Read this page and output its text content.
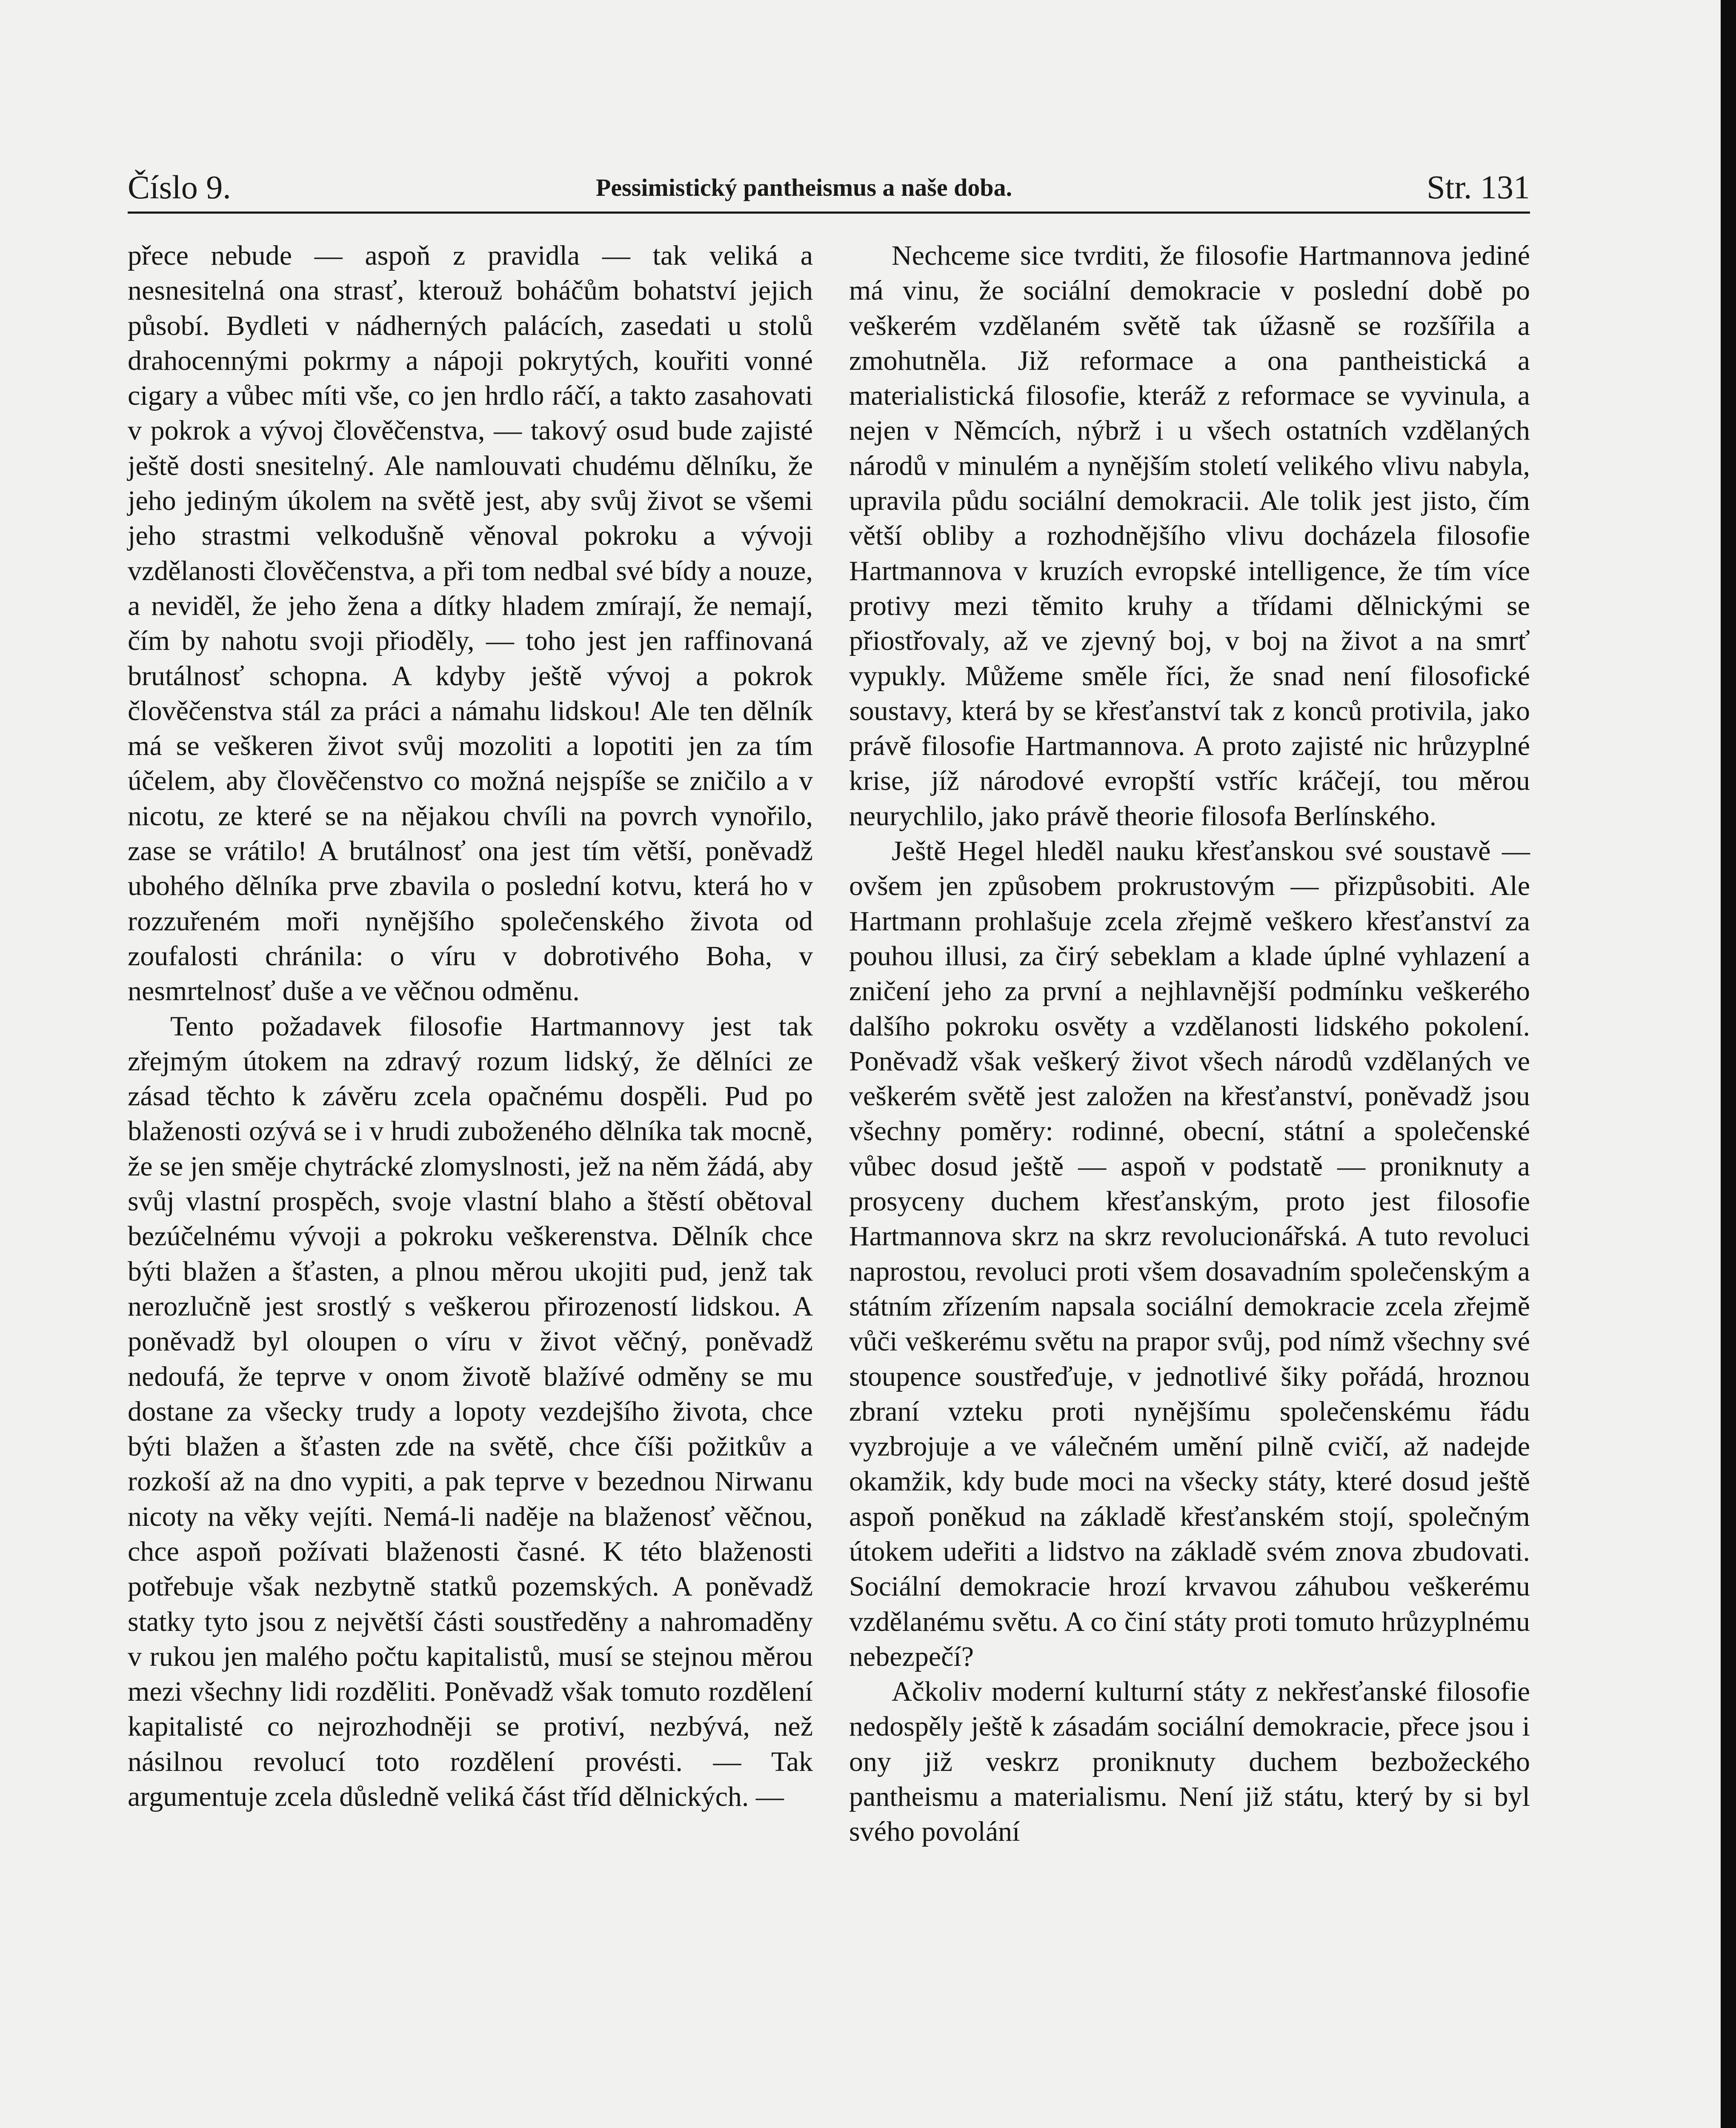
Číslo 9.	Pessimistický pantheismus a naše doba.	Str. 131

přece nebude — aspoň z pravidla — tak veliká a nesnesitelná ona strasť, kterouž boháčům bohatství jejich působí. Bydleti v nádherných palácích, zasedati u stolů drahocennými pokrmy a nápoji pokrytých, kouřiti vonné cigary a vůbec míti vše, co jen hrdlo ráčí, a takto zasahovati v pokrok a vývoj člověčenstva, — takový osud bude zajisté ještě dosti snesitelný. Ale namlouvati chudému dělníku, že jeho jediným úkolem na světě jest, aby svůj život se všemi jeho strastmi velkodušně věnoval pokroku a vývoji vzdělanosti člověčenstva, a při tom nedbal své bídy a nouze, a neviděl, že jeho žena a dítky hladem zmírají, že nemají, čím by nahotu svoji přioděly, — toho jest jen raffinovaná brutálnosť schopna. A kdyby ještě vývoj a pokrok člověčenstva stál za práci a námahu lidskou! Ale ten dělník má se veškeren život svůj mozoliti a lopotiti jen za tím účelem, aby člověčenstvo co možná nejspíše se zničilo a v nicotu, ze které se na nějakou chvíli na povrch vynořilo, zase se vrátilo! A brutálnosť ona jest tím větší, poněvadž ubohého dělníka prve zbavila o poslední kotvu, která ho v rozzuřeném moři nynějšího společenského života od zoufalosti chránila: o víru v dobrotivého Boha, v nesmrtelnosť duše a ve věčnou odměnu.

Tento požadavek filosofie Hartmannovy jest tak zřejmým útokem na zdravý rozum lidský, že dělníci ze zásad těchto k závěru zcela opačnému dospěli. Pud po blaženosti ozývá se i v hrudi zuboženého dělníka tak mocně, že se jen směje chytrácké zlomyslnosti, jež na něm žádá, aby svůj vlastní prospěch, svoje vlastní blaho a štěstí obětoval bezúčelnému vývoji a pokroku veškerenstva. Dělník chce býti blažen a šťasten, a plnou měrou ukojiti pud, jenž tak nerozlučně jest srostlý s veškerou přirozeností lidskou. A poněvadž byl oloupen o víru v život věčný, poněvadž nedoufá, že teprve v onom životě blažívé odměny se mu dostane za všecky trudy a lopoty vezdejšího života, chce býti blažen a šťasten zde na světě, chce číši požitkův a rozkoší až na dno vypiti, a pak teprve v bezednou Nirwanu nicoty na věky vejíti. Nemá-li naděje na blaženosť věčnou, chce aspoň požívati blaženosti časné. K této blaženosti potřebuje však nezbytně statků pozemských. A poněvadž statky tyto jsou z největší části soustředěny a nahromaděny v rukou jen malého počtu kapitalistů, musí se stejnou měrou mezi všechny lidi rozděliti. Poněvadž však tomuto rozdělení kapitalisté co nejrozhodněji se protiví, nezbývá, než násilnou revolucí toto rozdělení provésti. — Tak argumentuje zcela důsledně veliká část tříd dělnických. —

Nechceme sice tvrditi, že filosofie Hartmannova jediné má vinu, že sociální demokracie v poslední době po veškerém vzdělaném světě tak úžasně se rozšířila a zmohutněla. Již reformace a ona pantheistická a materialistická filosofie, kteráž z reformace se vyvinula, a nejen v Němcích, nýbrž i u všech ostatních vzdělaných národů v minulém a nynějším století velikého vlivu nabyla, upravila půdu sociální demokracii. Ale tolik jest jisto, čím větší obliby a rozhodnějšího vlivu docházela filosofie Hartmannova v kruzích evropské intelligence, že tím více protivy mezi těmito kruhy a třídami dělnickými se přiostřovaly, až ve zjevný boj, v boj na život a na smrť vypukly. Můžeme směle říci, že snad není filosofické soustavy, která by se křesťanství tak z konců protivila, jako právě filosofie Hartmannova. A proto zajisté nic hrůzyplné krise, jíž národové evropští vstříc kráčejí, tou měrou neurychlilo, jako právě theorie filosofa Berlínského.

Ještě Hegel hleděl nauku křesťanskou své soustavě — ovšem jen způsobem prokrustovým — přizpůsobiti. Ale Hartmann prohlašuje zcela zřejmě veškero křesťanství za pouhou illusi, za čirý sebeklam a klade úplné vyhlazení a zničení jeho za první a nejhlavnější podmínku veškerého dalšího pokroku osvěty a vzdělanosti lidského pokolení. Poněvadž však veškerý život všech národů vzdělaných ve veškerém světě jest založen na křesťanství, poněvadž jsou všechny poměry: rodinné, obecní, státní a společenské vůbec dosud ještě — aspoň v podstatě — proniknuty a prosyceny duchem křesťanským, proto jest filosofie Hartmannova skrz na skrz revolucionářská. A tuto revoluci naprostou, revoluci proti všem dosavadním společenským a státním zřízením napsala sociální demokracie zcela zřejmě vůči veškerému světu na prapor svůj, pod nímž všechny své stoupence soustřeďuje, v jednotlivé šiky pořádá, hroznou zbraní vzteku proti nynějšímu společenskému řádu vyzbrojuje a ve válečném umění pilně cvičí, až nadejde okamžik, kdy bude moci na všecky státy, které dosud ještě aspoň poněkud na základě křesťanském stojí, společným útokem udeřiti a lidstvo na základě svém znova zbudovati. Sociální demokracie hrozí krvavou záhubou veškerému vzdělanému světu. A co činí státy proti tomuto hrůzyplnému nebezpečí?

Ačkoliv moderní kulturní státy z nekřesťanské filosofie nedospěly ještě k zásadám sociální demokracie, přece jsou i ony již veskrz proniknuty duchem bezbožeckého pantheismu a materialismu. Není již státu, který by si byl svého povolání
